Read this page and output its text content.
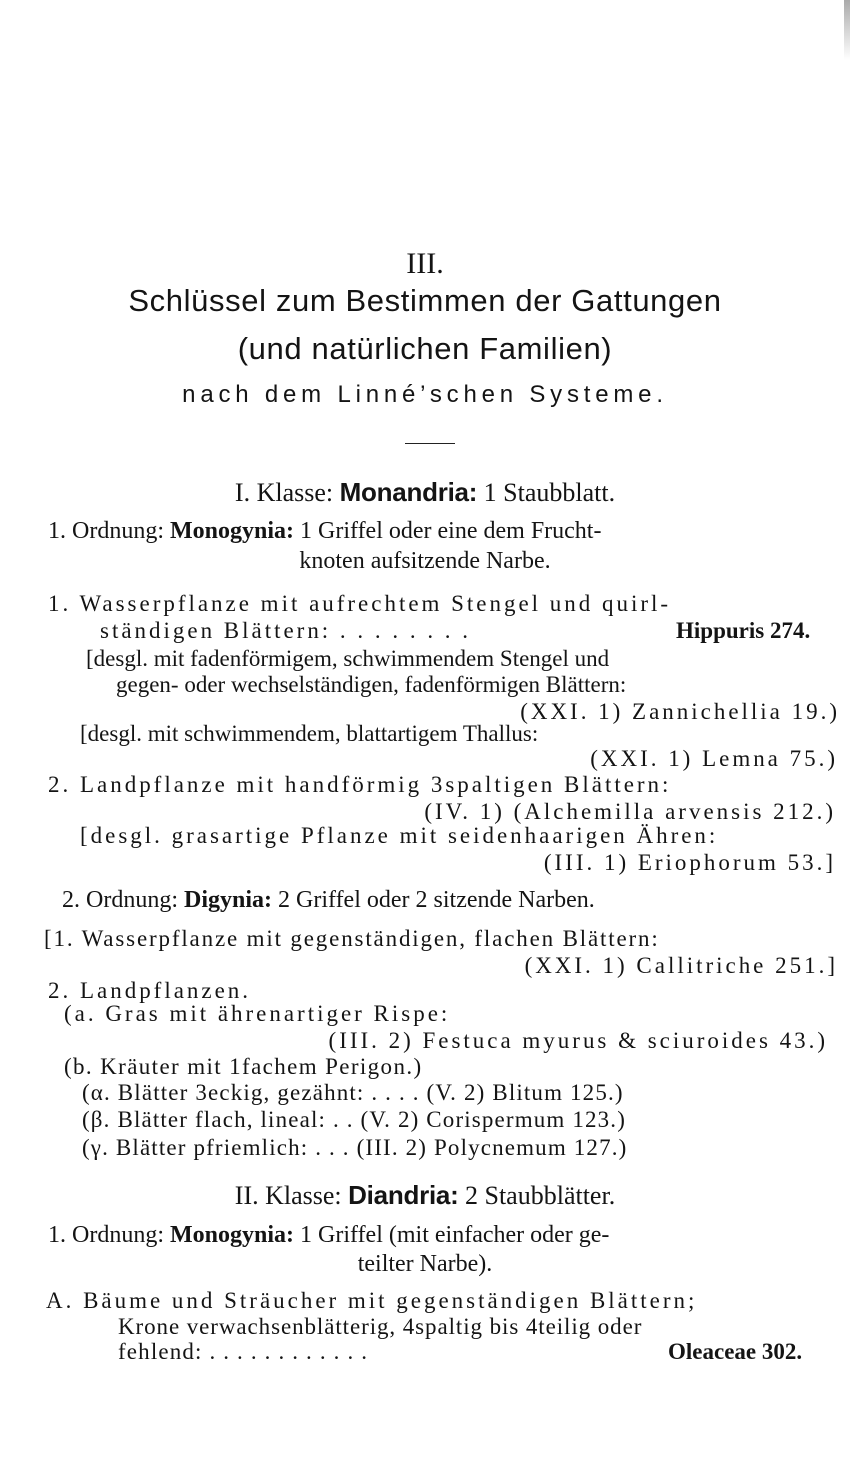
III.
Schlüssel zum Bestimmen der Gattungen
(und natürlichen Familien)
nach dem Linné’schen Systeme.
I. Klasse: Monandria: 1 Staubblatt.
1. Ordnung: Monogynia: 1 Griffel oder eine dem Frucht-
knoten aufsitzende Narbe.
1. Wasserpflanze mit aufrechtem Stengel und quirl-
ständigen Blättern: . . . . . . . .	Hippuris 274.
[desgl. mit fadenförmigem, schwimmendem Stengel und
gegen- oder wechselständigen, fadenförmigen Blättern:
(XXI. 1) Zannichellia 19.)
[desgl. mit schwimmendem, blattartigem Thallus:
(XXI. 1) Lemna 75.)
2. Landpflanze mit handförmig 3spaltigen Blättern:
(IV. 1) (Alchemilla arvensis 212.)
[desgl. grasartige Pflanze mit seidenhaarigen Ähren:
(III. 1) Eriophorum 53.]
2. Ordnung: Digynia: 2 Griffel oder 2 sitzende Narben.
[1. Wasserpflanze mit gegenständigen, flachen Blättern:
(XXI. 1) Callitriche 251.]
2. Landpflanzen.
(a. Gras mit ährenartiger Rispe:
(III. 2) Festuca myurus & sciuroides 43.)
(b. Kräuter mit 1fachem Perigon.)
(α. Blätter 3eckig, gezähnt: . . . . (V. 2) Blitum 125.)
(β. Blätter flach, lineal: . . (V. 2) Corispermum 123.)
(γ. Blätter pfriemlich: . . . (III. 2) Polycnemum 127.)
II. Klasse: Diandria: 2 Staubblätter.
1. Ordnung: Monogynia: 1 Griffel (mit einfacher oder ge-
teilter Narbe).
A. Bäume und Sträucher mit gegenständigen Blättern;
Krone verwachsenblätterig, 4spaltig bis 4teilig oder
fehlend: . . . . . . . . . . . .	Oleaceae 302.
